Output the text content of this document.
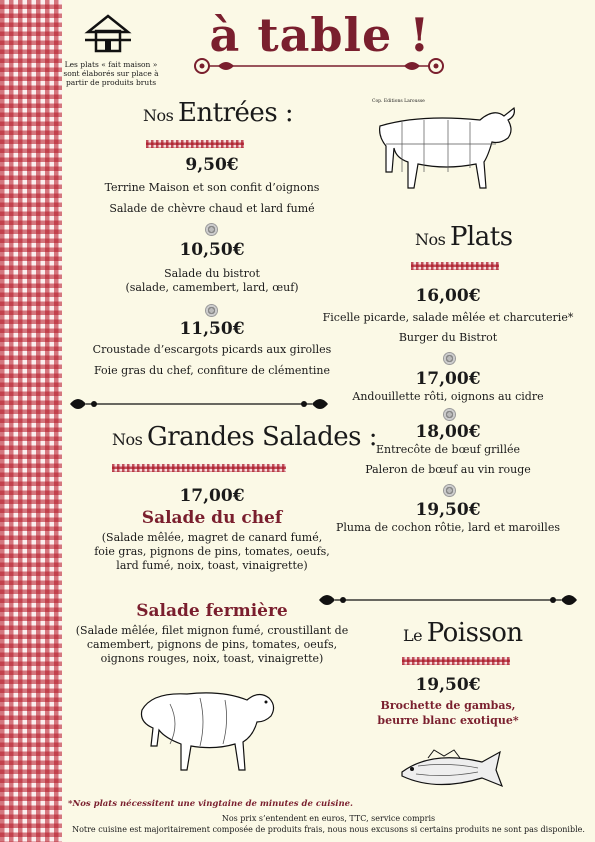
Les plats « fait maison » sont élaborés sur place à partir de produits bruts
à table !
Nos Entrées :
9,50€
Terrine Maison et son confit d’oignons
Salade de chèvre chaud et lard fumé
10,50€
Salade du bistrot
(salade, camembert, lard, œuf)
11,50€
Croustade d’escargots picards aux girolles
Foie gras du chef, confiture de clémentine
Nos Grandes Salades :
17,00€
Salade du chef
(Salade mêlée, magret de canard fumé,
foie gras, pignons de pins, tomates, oeufs,
lard fumé, noix, toast, vinaigrette)
Salade fermière
(Salade mêlée, filet mignon fumé, croustillant de
camembert, pignons de pins, tomates, oeufs,
oignons rouges, noix, toast, vinaigrette)
Cop. Editions Larousse
Nos Plats
16,00€
Ficelle picarde, salade mêlée et charcuterie*
Burger du Bistrot
17,00€
Andouillette rôti, oignons au cidre
18,00€
Entrecôte de bœuf grillée
Paleron de bœuf au vin rouge
19,50€
Pluma de cochon rôtie, lard et maroilles
Le Poisson
19,50€
Brochette de gambas,
beurre blanc exotique*
*Nos plats nécessitent une vingtaine de minutes de cuisine.
Nos prix s’entendent en euros, TTC, service compris
Notre cuisine est majoritairement composée de produits frais, nous nous excusons si certains produits ne sont pas disponible.
